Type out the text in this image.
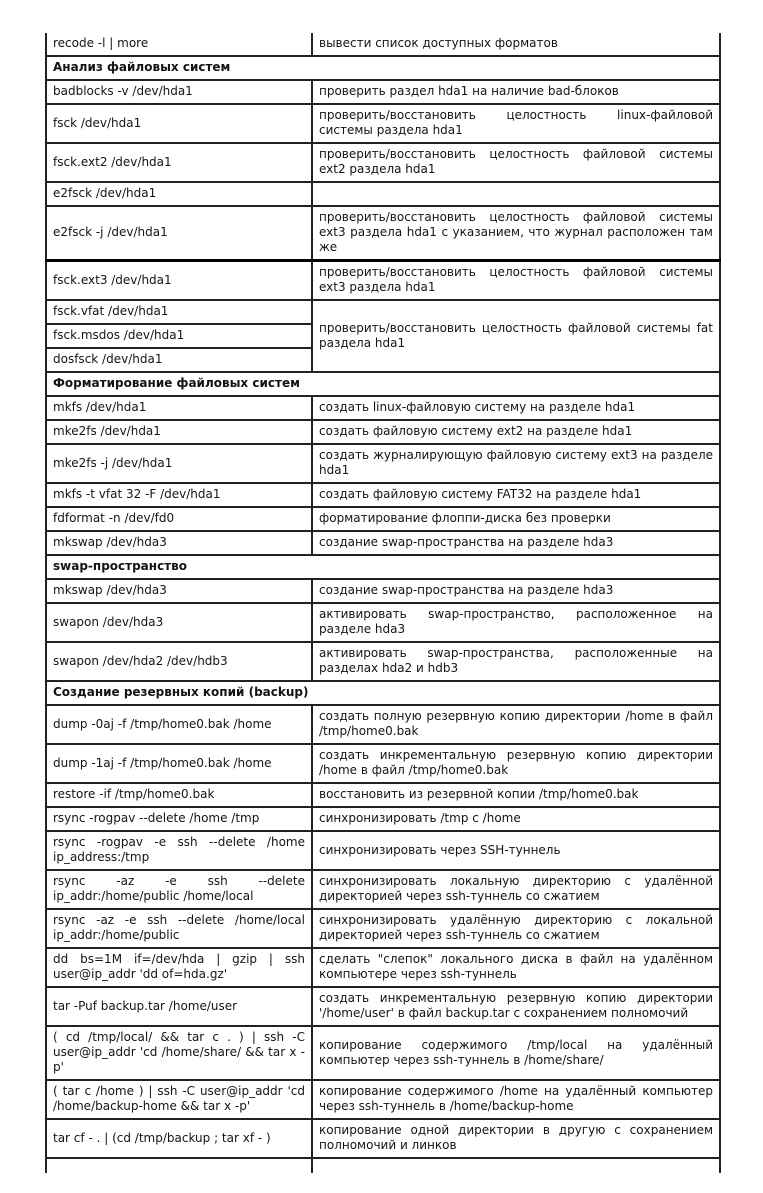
recode -l | more	вывести список доступных форматов
Анализ файловых систем	
badblocks -v /dev/hda1	проверить раздел hda1 на наличие bad-блоков
fsck /dev/hda1	проверить/восстановить целостность linux-файловой системы раздела hda1
fsck.ext2 /dev/hda1	проверить/восстановить целостность файловой системы ext2 раздела hda1
e2fsck /dev/hda1	
e2fsck -j /dev/hda1	проверить/восстановить целостность файловой системы ext3 раздела hda1 с указанием, что журнал расположен там же
fsck.ext3 /dev/hda1	проверить/восстановить целостность файловой системы ext3 раздела hda1
fsck.vfat /dev/hda1	проверить/восстановить целостность файловой системы fat раздела hda1
fsck.msdos /dev/hda1	
dosfsck /dev/hda1	
Форматирование файловых систем	
mkfs /dev/hda1	создать linux-файловую систему на разделе hda1
mke2fs /dev/hda1	создать файловую систему ext2 на разделе hda1
mke2fs -j /dev/hda1	создать журналирующую файловую систему ext3 на разделе hda1
mkfs -t vfat 32 -F /dev/hda1	создать файловую систему FAT32 на разделе hda1
fdformat -n /dev/fd0	форматирование флоппи-диска без проверки
mkswap /dev/hda3	создание swap-пространства на разделе hda3
swap-пространство	
mkswap /dev/hda3	создание swap-пространства на разделе hda3
swapon /dev/hda3	активировать swap-пространство, расположенное на разделе hda3
swapon /dev/hda2 /dev/hdb3	активировать swap-пространства, расположенные на разделах hda2 и hdb3
Создание резервных копий (backup)	
dump -0aj -f /tmp/home0.bak /home	создать полную резервную копию директории /home в файл /tmp/home0.bak
dump -1aj -f /tmp/home0.bak /home	создать инкрементальную резервную копию директории /home в файл /tmp/home0.bak
restore -if /tmp/home0.bak	восстановить из резервной копии /tmp/home0.bak
rsync -rogpav --delete /home /tmp	синхронизировать /tmp с /home
rsync -rogpav -e ssh --delete /home ip_address:/tmp	синхронизировать через SSH-туннель
rsync -az -e ssh --delete ip_addr:/home/public /home/local	синхронизировать локальную директорию с удалённой директорией через ssh-туннель со сжатием
rsync -az -e ssh --delete /home/local ip_addr:/home/public	синхронизировать удалённую директорию с локальной директорией через ssh-туннель со сжатием
dd bs=1M if=/dev/hda | gzip | ssh user@ip_addr 'dd of=hda.gz'	сделать "слепок" локального диска в файл на удалённом компьютере через ssh-туннель
tar -Puf backup.tar /home/user	создать инкрементальную резервную копию директории '/home/user' в файл backup.tar с сохранением полномочий
( cd /tmp/local/ && tar c . ) | ssh -C user@ip_addr 'cd /home/share/ && tar x -p'	копирование содержимого /tmp/local на удалённый компьютер через ssh-туннель в /home/share/
( tar c /home ) | ssh -C user@ip_addr 'cd /home/backup-home && tar x -p'	копирование содержимого /home на удалённый компьютер через ssh-туннель в /home/backup-home
tar cf - . | (cd /tmp/backup ; tar xf - )	копирование одной директории в другую с сохранением полномочий и линков
